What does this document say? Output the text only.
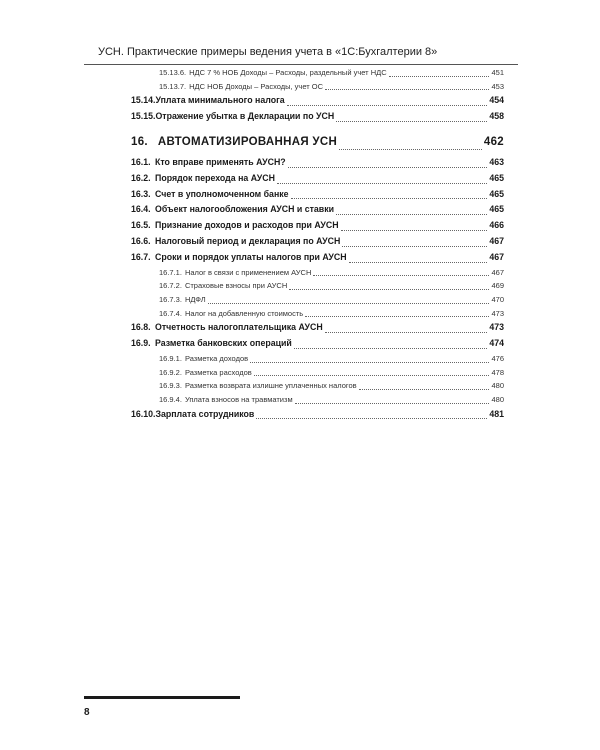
УСН. Практические примеры ведения учета в «1С:Бухгалтерии 8»
15.13.6. НДС 7 % НОБ Доходы – Расходы, раздельный учет НДС	451
15.13.7. НДС НОБ Доходы – Расходы, учет ОС	453
15.14. Уплата минимального налога	454
15.15. Отражение убытка в Декларации по УСН	458
16. АВТОМАТИЗИРОВАННАЯ УСН	462
16.1. Кто вправе применять АУСН?	463
16.2. Порядок перехода на АУСН	465
16.3. Счет в уполномоченном банке	465
16.4. Объект налогообложения АУСН и ставки	465
16.5. Признание доходов и расходов при АУСН	466
16.6. Налоговый период и декларация по АУСН	467
16.7. Сроки и порядок уплаты налогов при АУСН	467
16.7.1. Налог в связи с применением АУСН	467
16.7.2. Страховые взносы при АУСН	469
16.7.3. НДФЛ	470
16.7.4. Налог на добавленную стоимость	473
16.8. Отчетность налогоплательщика АУСН	473
16.9. Разметка банковских операций	474
16.9.1. Разметка доходов	476
16.9.2. Разметка расходов	478
16.9.3. Разметка возврата излишне уплаченных налогов	480
16.9.4. Уплата взносов на травматизм	480
16.10. Зарплата сотрудников	481
8
